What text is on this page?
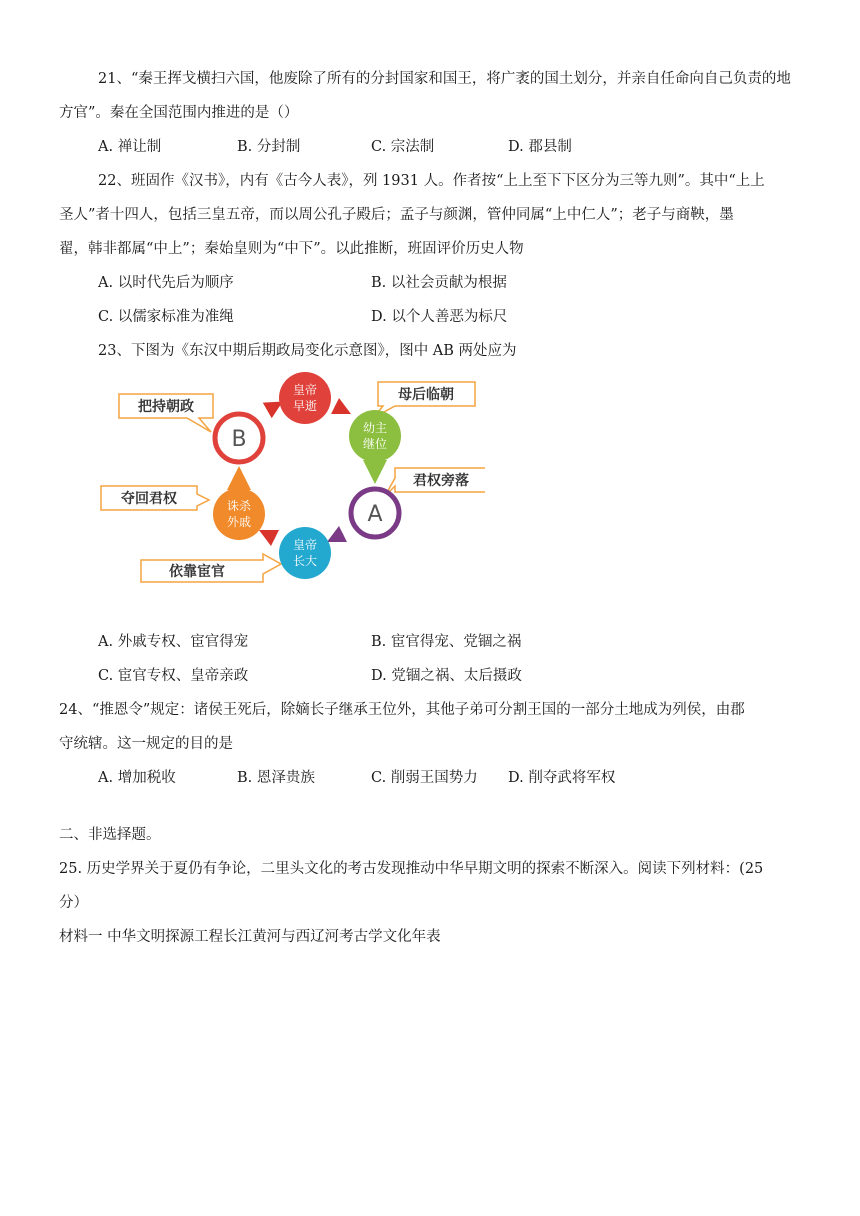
21、“秦王挥戈横扫六国，他废除了所有的分封国家和国王，将广袤的国土划分，并亲自任命向自己负责的地
方官”。秦在全国范围内推进的是（）
A. 禅让制	B. 分封制	C. 宗法制	D. 郡县制
22、班固作《汉书》，内有《古今人表》，列 1931 人。作者按“上上至下下区分为三等九则”。其中“上上
圣人”者十四人，包括三皇五帝，而以周公孔子殿后；孟子与颜渊，管仲同属“上中仁人”；老子与商鞅，墨
翟，韩非都属“中上”；秦始皇则为“中下”。以此推断，班固评价历史人物
A. 以时代先后为顺序	B. 以社会贡献为根据
C. 以儒家标准为准绳	D. 以个人善恶为标尺
23、下图为《东汉中期后期政局变化示意图》，图中 AB 两处应为
把持朝政
母后临朝
君权旁落
夺回君权
依靠宦官
B
皇帝
早逝
幼主
继位
A
皇帝
长大
诛杀
外戚
A. 外戚专权、宦官得宠	B. 宦官得宠、党锢之祸
C. 宦官专权、皇帝亲政	D. 党锢之祸、太后摄政
24、“推恩令”规定：诸侯王死后，除嫡长子继承王位外，其他子弟可分割王国的一部分土地成为列侯，由郡
守统辖。这一规定的目的是
A. 增加税收	B. 恩泽贵族	C. 削弱王国势力 D. 削夺武将军权
二、非选择题。
25. 历史学界关于夏仍有争论，二里头文化的考古发现推动中华早期文明的探索不断深入。阅读下列材料：(25
分）
材料一 中华文明探源工程长江黄河与西辽河考古学文化年表
